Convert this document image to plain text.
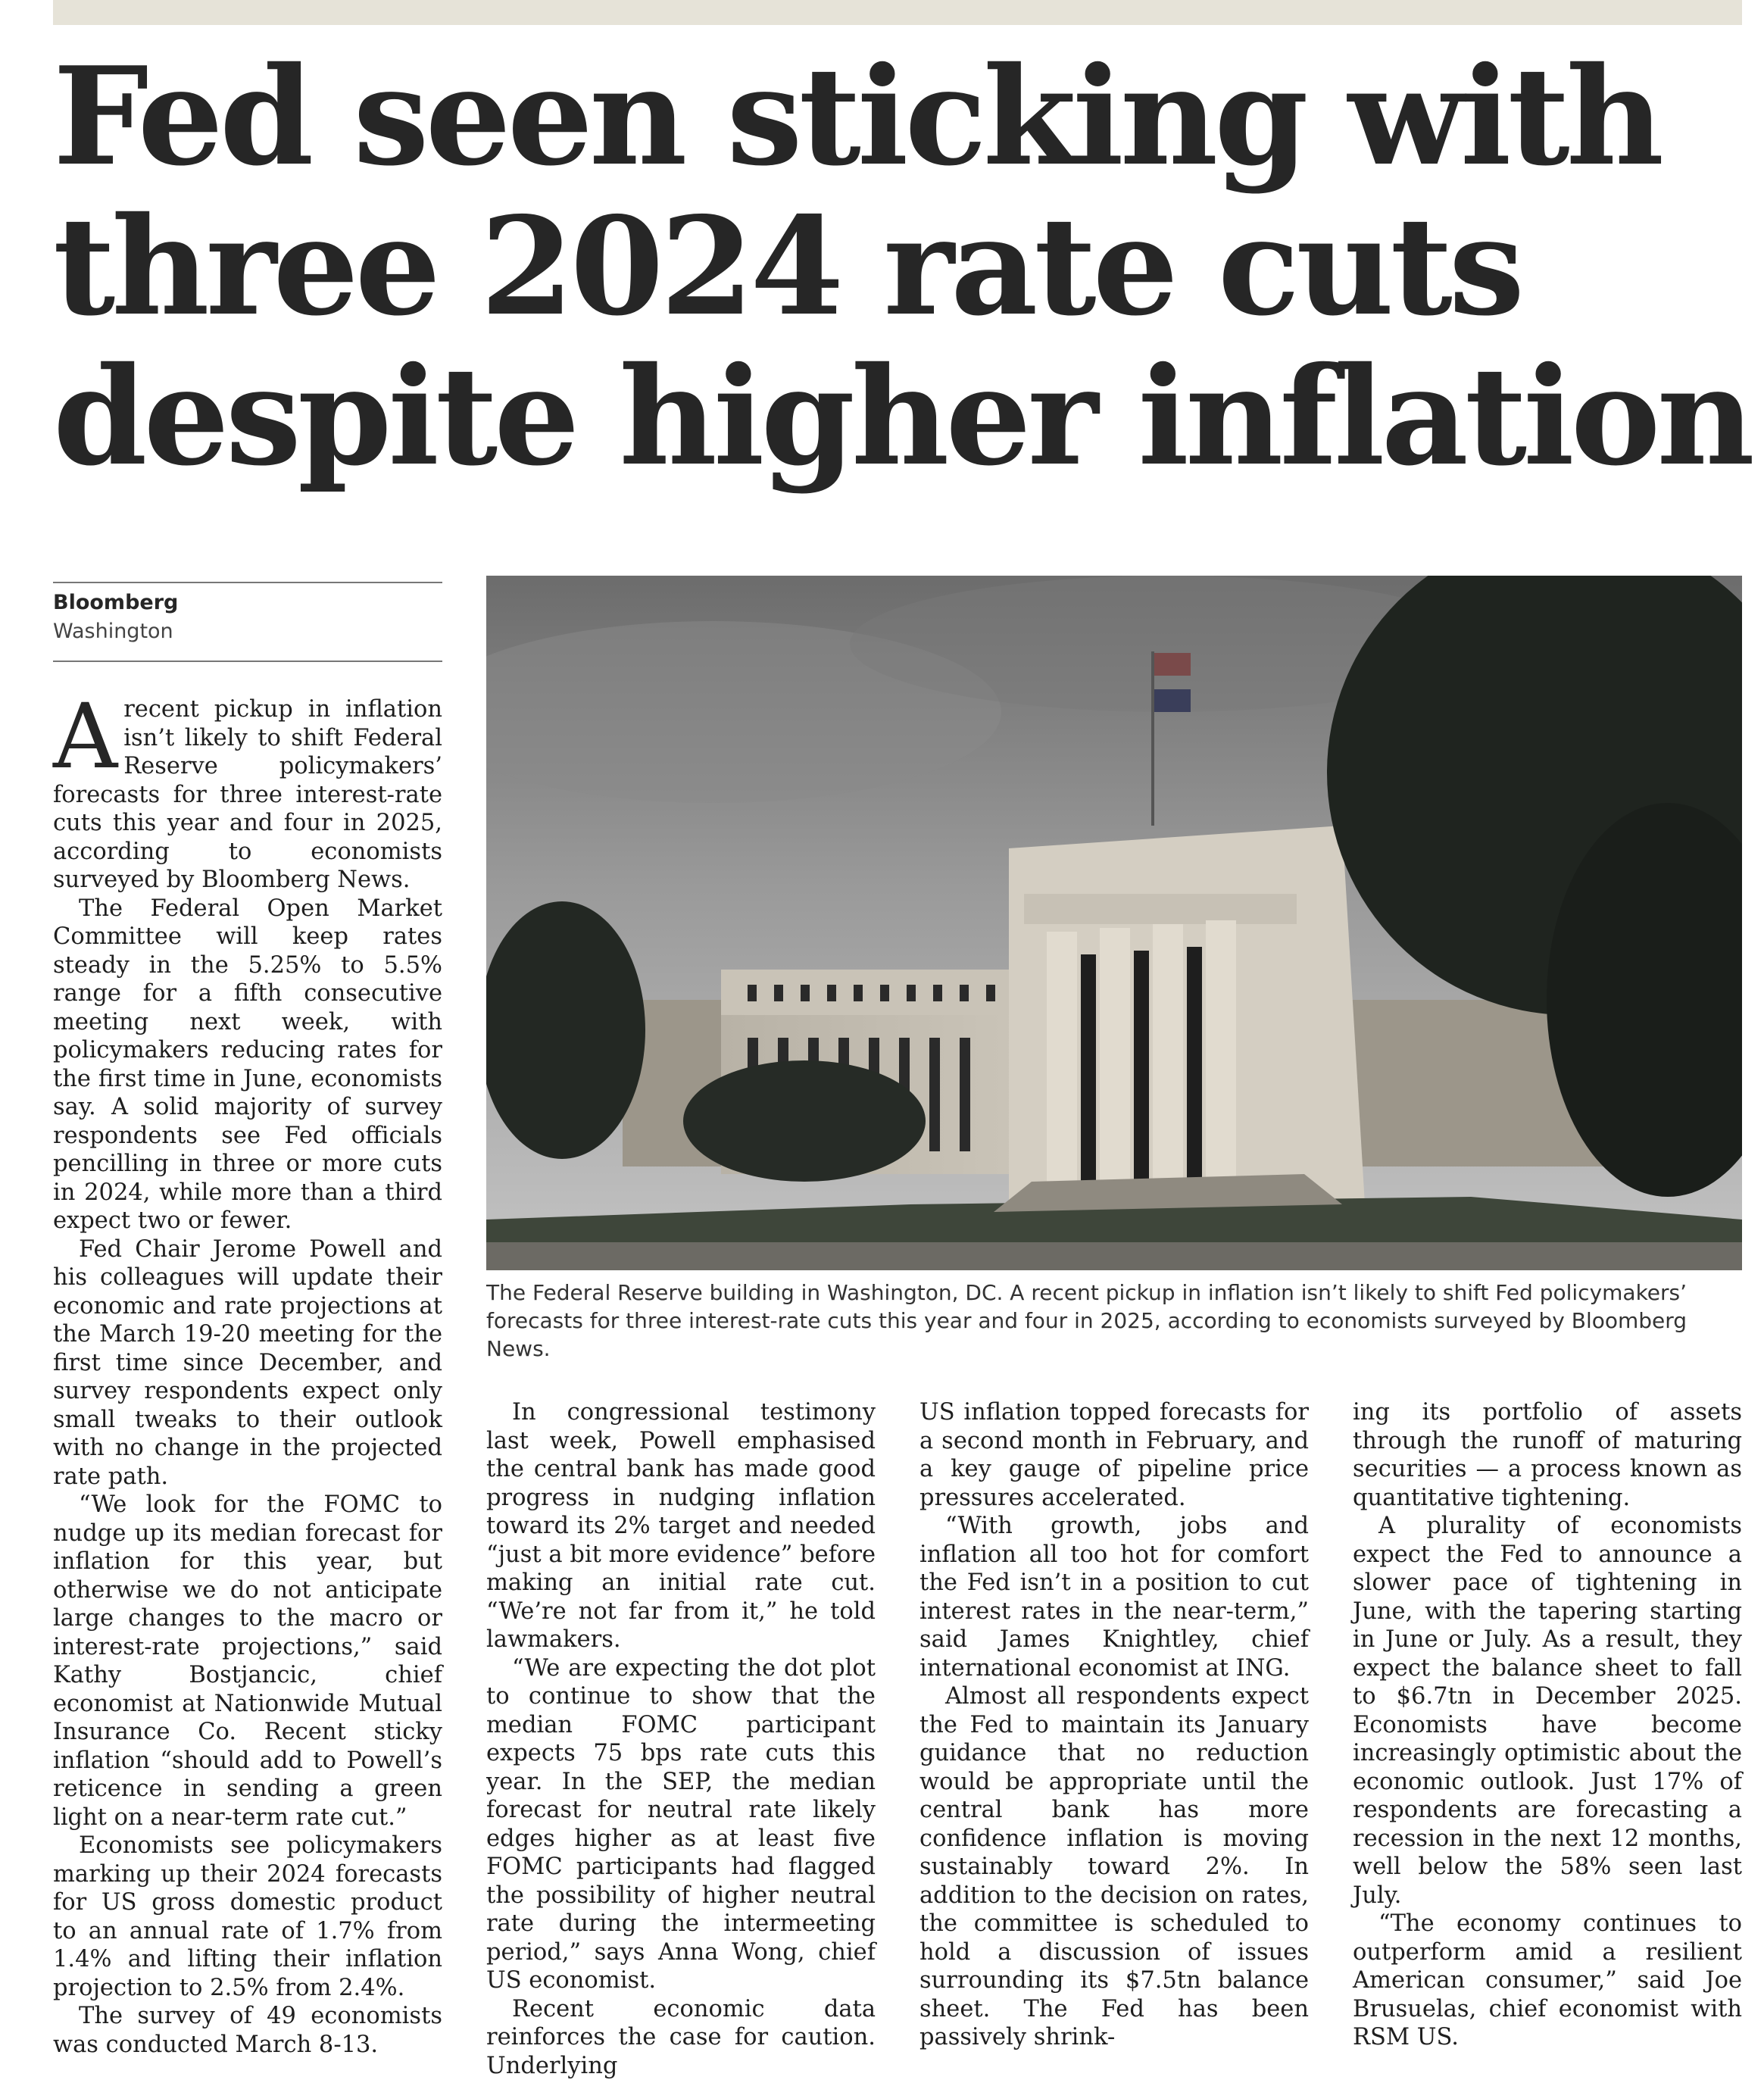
Fed seen sticking with
three 2024 rate cuts
despite higher inflation
Bloomberg
Washington

Arecent pickup in inflation isn’t likely to shift Federal Reserve policymakers’ forecasts for three interest-rate cuts this year and four in 2025, according to economists surveyed by Bloomberg News.

The Federal Open Market Committee will keep rates steady in the 5.25% to 5.5% range for a fifth consecutive meeting next week, with policymakers reducing rates for the first time in June, economists say. A solid majority of survey respondents see Fed officials pencilling in three or more cuts in 2024, while more than a third expect two or fewer.

Fed Chair Jerome Powell and his colleagues will update their economic and rate projections at the March 19-20 meeting for the first time since December, and survey respondents expect only small tweaks to their outlook with no change in the projected rate path.

“We look for the FOMC to nudge up its median forecast for inflation for this year, but otherwise we do not anticipate large changes to the macro or interest-rate projections,” said Kathy Bostjancic, chief economist at Nationwide Mutual Insurance Co. Recent sticky inflation “should add to Powell’s reticence in sending a green light on a near-term rate cut.”

Economists see policymakers marking up their 2024 forecasts for US gross domestic product to an annual rate of 1.7% from 1.4% and lifting their inflation projection to 2.5% from 2.4%.

The survey of 49 economists was conducted March 8-13.

The Federal Reserve building in Washington, DC. A recent pickup in inflation isn’t likely to shift Fed policymakers’ forecasts for three interest-rate cuts this year and four in 2025, according to economists surveyed by Bloomberg News.

In congressional testimony last week, Powell emphasised the central bank has made good progress in nudging inflation toward its 2% target and needed “just a bit more evidence” before making an initial rate cut. “We’re not far from it,” he told lawmakers.

“We are expecting the dot plot to continue to show that the median FOMC participant expects 75 bps rate cuts this year. In the SEP, the median forecast for neutral rate likely edges higher as at least five FOMC participants had flagged the possibility of higher neutral rate during the intermeeting period,” says Anna Wong, chief US economist.

Recent economic data reinforces the case for caution. Underlying

US inflation topped forecasts for a second month in February, and a key gauge of pipeline price pressures accelerated.

“With growth, jobs and inflation all too hot for comfort the Fed isn’t in a position to cut interest rates in the near-term,” said James Knightley, chief international economist at ING.

Almost all respondents expect the Fed to maintain its January guidance that no reduction would be appropriate until the central bank has more confidence inflation is moving sustainably toward 2%. In addition to the decision on rates, the committee is scheduled to hold a discussion of issues surrounding its $7.5tn balance sheet. The Fed has been passively shrink-

ing its portfolio of assets through the runoff of maturing securities — a process known as quantitative tightening.

A plurality of economists expect the Fed to announce a slower pace of tightening in June, with the tapering starting in June or July. As a result, they expect the balance sheet to fall to $6.7tn in December 2025. Economists have become increasingly optimistic about the economic outlook. Just 17% of respondents are forecasting a recession in the next 12 months, well below the 58% seen last July.

“The economy continues to outperform amid a resilient American consumer,” said Joe Brusuelas, chief economist with RSM US.
